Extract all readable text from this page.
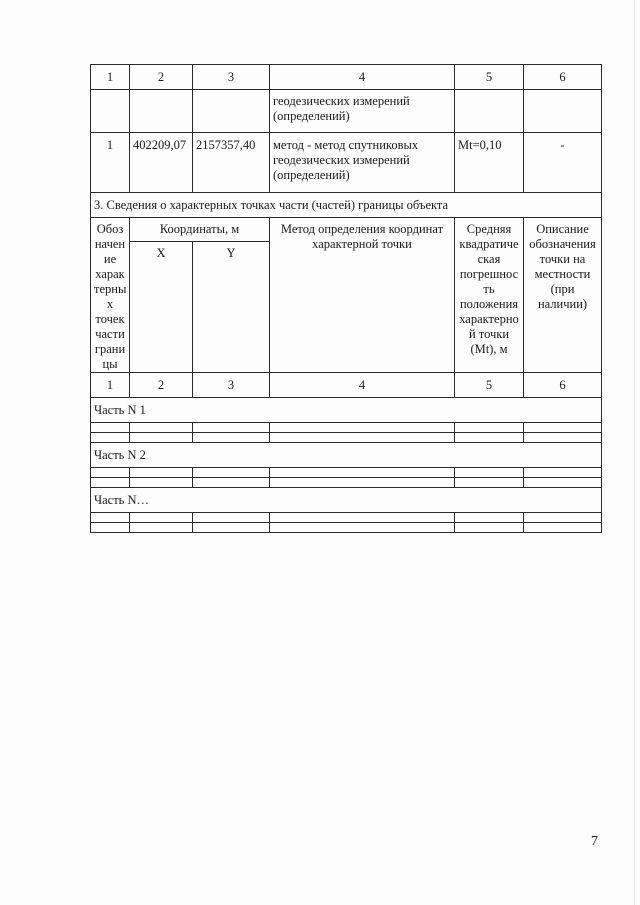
1	2	3	4	5	6
			геодезических измерений (определений)		
1	402209,07	2157357,40	метод - метод спутниковых геодезических измерений (определений)	Mt=0,10	-
3. Сведения о характерных точках части (частей) границы объекта					
Обоз начен ие харак терны х точек части грани цы	Координаты, м		Метод определения координат характерной точки	Средняя квадратиче ская погрешнос ть положения характерно й точки (Mt), м	Описание обозначения точки на местности (при наличии)
	X	Y			
1	2	3	4	5	6
Часть N 1					

Часть N 2					

Часть N…					

7
